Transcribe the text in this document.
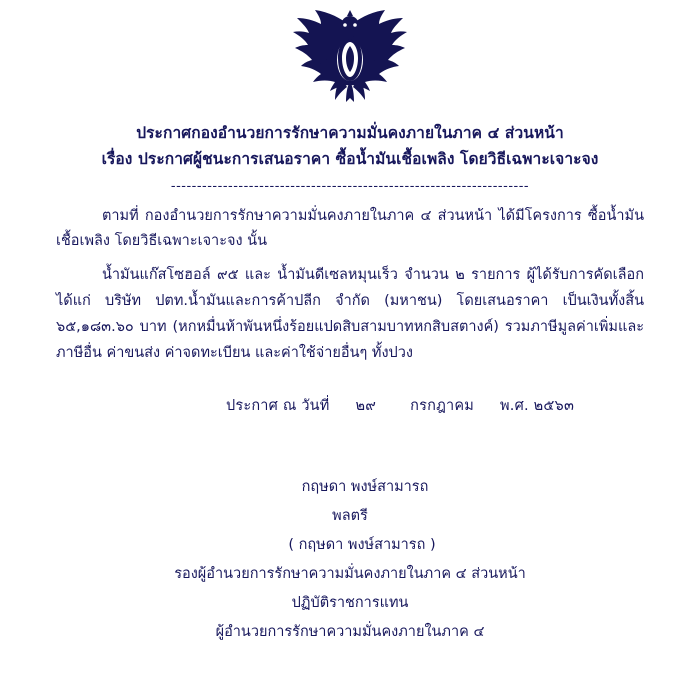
ประกาศกองอำนวยการรักษาความมั่นคงภายในภาค ๔ ส่วนหน้า
เรื่อง ประกาศผู้ชนะการเสนอราคา ซื้อน้ำมันเชื้อเพลิง โดยวิธีเฉพาะเจาะจง
---------------------------------------------------------------------

ตามที่ กองอำนวยการรักษาความมั่นคงภายในภาค ๔ ส่วนหน้า ได้มีโครงการ ซื้อน้ำมันเชื้อเพลิง โดยวิธีเฉพาะเจาะจง นั้น

น้ำมันแก๊สโซฮอล์ ๙๕ และ น้ำมันดีเซลหมุนเร็ว จำนวน ๒ รายการ ผู้ได้รับการคัดเลือก ได้แก่ บริษัท ปตท.น้ำมันและการค้าปลีก จำกัด (มหาชน) โดยเสนอราคา เป็นเงินทั้งสิ้น ๖๕,๑๘๓.๖๐ บาท (หกหมื่นห้าพันหนึ่งร้อยแปดสิบสามบาทหกสิบสตางค์) รวมภาษีมูลค่าเพิ่มและภาษีอื่น ค่าขนส่ง ค่าจดทะเบียน และค่าใช้จ่ายอื่นๆ ทั้งปวง

ประกาศ ณ วันที่ ๒๙ กรกฎาคม พ.ศ. ๒๕๖๓
กฤษดา พงษ์สามารถ
พลตรี
( กฤษดา พงษ์สามารถ )
รองผู้อำนวยการรักษาความมั่นคงภายในภาค ๔ ส่วนหน้า
ปฏิบัติราชการแทน
ผู้อำนวยการรักษาความมั่นคงภายในภาค ๔
